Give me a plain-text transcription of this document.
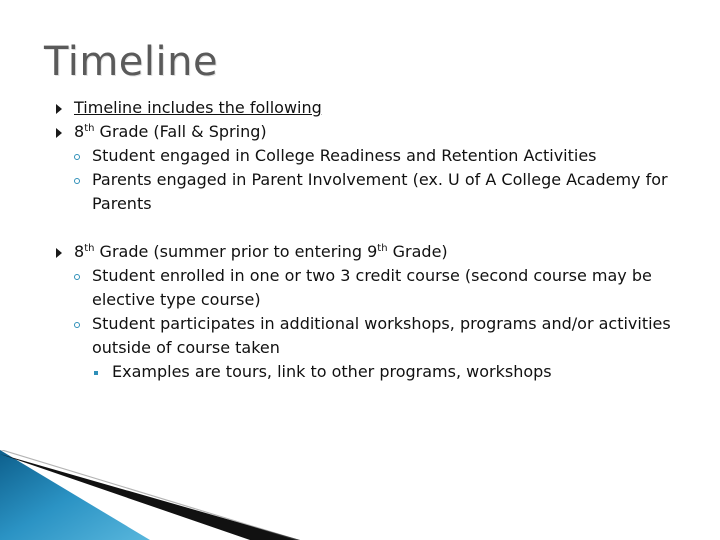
Timeline
Timeline includes the following
8th Grade (Fall & Spring)
Student engaged in College Readiness and Retention Activities
Parents engaged in Parent Involvement (ex. U of A College Academy for Parents
8th Grade (summer prior to entering 9th Grade)
Student enrolled in one or two 3 credit course (second course may be elective type course)
Student participates in additional workshops, programs and/or activities outside of course taken
Examples are tours, link to other programs, workshops
